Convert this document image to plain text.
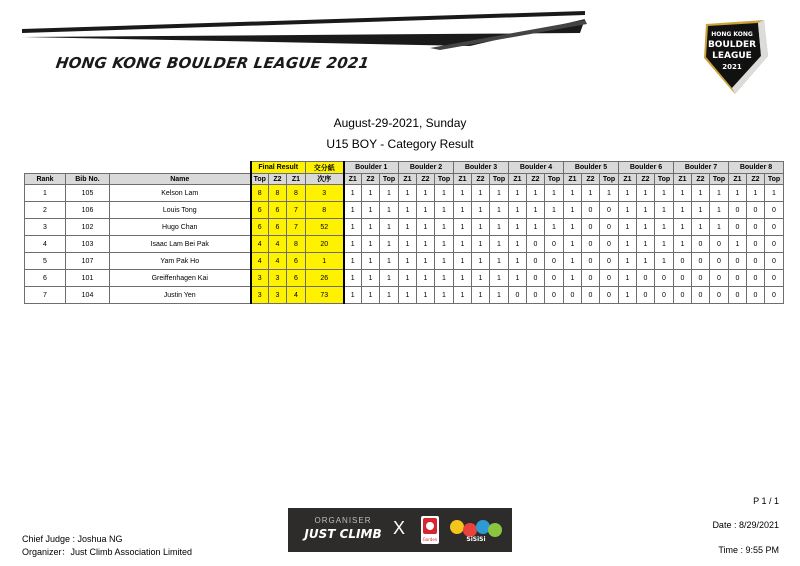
HONG KONG BOULDER LEAGUE 2021
HONG KONG
BOULDER
LEAGUE
2021
August-29-2021, Sunday
U15 BOY - Category Result
			Final Result			交分紙	Boulder 1			Boulder 2			Boulder 3			Boulder 4			Boulder 5			Boulder 6			Boulder 7			Boulder 8		
Rank	Bib No.	Name	Top	Z2	Z1	次序	Z1	Z2	Top	Z1	Z2	Top	Z1	Z2	Top	Z1	Z2	Top	Z1	Z2	Top	Z1	Z2	Top	Z1	Z2	Top	Z1	Z2	Top
1	105	Kelson Lam	8	8	8	3	1	1	1	1	1	1	1	1	1	1	1	1	1	1	1	1	1	1	1	1	1	1	1	1
2	106	Louis Tong	6	6	7	8	1	1	1	1	1	1	1	1	1	1	1	1	1	0	0	1	1	1	1	1	1	0	0	0
3	102	Hugo Chan	6	6	7	52	1	1	1	1	1	1	1	1	1	1	1	1	1	0	0	1	1	1	1	1	1	0	0	0
4	103	Isaac Lam Bei Pak	4	4	8	20	1	1	1	1	1	1	1	1	1	1	0	0	1	0	0	1	1	1	1	0	0	1	0	0
5	107	Yam Pak Ho	4	4	6	1	1	1	1	1	1	1	1	1	1	1	0	0	1	0	0	1	1	1	0	0	0	0	0	0
6	101	Greiffenhagen Kai	3	3	6	26	1	1	1	1	1	1	1	1	1	1	0	0	1	0	0	1	0	0	0	0	0	0	0	0
7	104	Justin Yen	3	3	4	73	1	1	1	1	1	1	1	1	1	0	0	0	0	0	0	1	0	0	0	0	0	0	0	0
P 1 / 1
Date : 8/29/2021
Time : 9:55 PM
Chief Judge : Joshua NG
Organizer：Just Climb Association Limited
ORGANISER
JUST CLIMB X
Garden	SiSiSi
